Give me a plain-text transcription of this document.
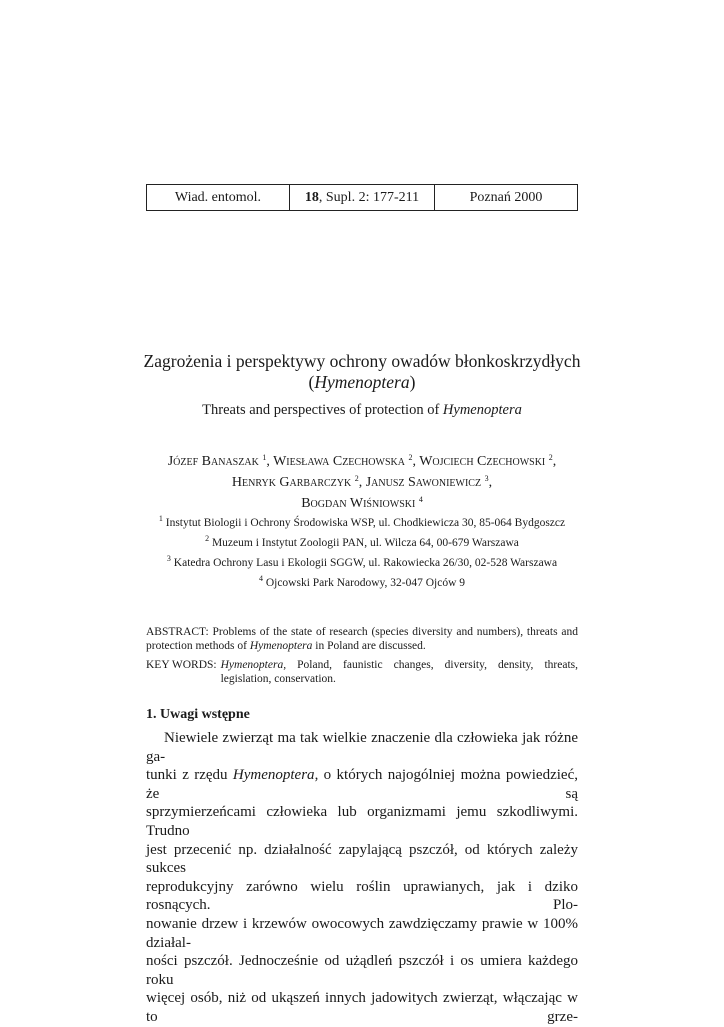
Wiad. entomol.	18 , Supl. 2: 177-211	Poznań 2000
Zagrożenia i perspektywy ochrony owadów błonkoskrzydłych
(Hymenoptera)
Threats and perspectives of protection of Hymenoptera
Józef Banaszak $^1$, Wiesława Czechowska $^2$, Wojciech Czechowski $^2$,
Henryk Garbarczyk $^2$, Janusz Sawoniewicz $^3$,
Bogdan Wiśniowski $^4$
$^1$ Instytut Biologii i Ochrony Środowiska WSP, ul. Chodkiewicza 30, 85-064 Bydgoszcz
$^2$ Muzeum i Instytut Zoologii PAN, ul. Wilcza 64, 00-679 Warszawa
$^3$ Katedra Ochrony Lasu i Ekologii SGGW, ul. Rakowiecka 26/30, 02-528 Warszawa
$^4$ Ojcowski Park Narodowy, 32-047 Ojców 9
ABSTRACT: Problems of the state of research (species diversity and numbers), threats and protection methods of Hymenoptera in Poland are discussed.
KEY WORDS: Hymenoptera, Poland, faunistic changes, diversity, density, threats, legislation, conservation.
1. Uwagi wstępne
Niewiele zwierząt ma tak wielkie znaczenie dla człowieka jak różne ga-
tunki z rzędu Hymenoptera, o których najogólniej można powiedzieć, że są
sprzymierzeńcami człowieka lub organizmami jemu szkodliwymi. Trudno
jest przecenić np. działalność zapylającą pszczół, od których zależy sukces
reprodukcyjny zarówno wielu roślin uprawianych, jak i dziko rosnących. Plo-
nowanie drzew i krzewów owocowych zawdzięczamy prawie w 100% działal-
ności pszczół. Jednocześnie od użądleń pszczół i os umiera każdego roku
więcej osób, niż od ukąszeń innych jadowitych zwierząt, włączając w to grze-
